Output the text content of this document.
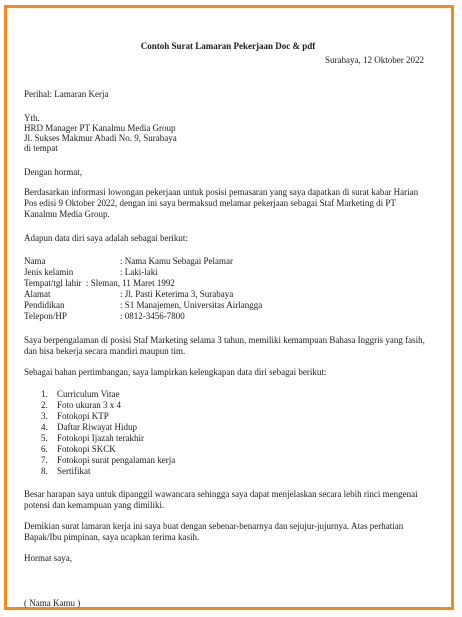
Contoh Surat Lamaran Pekerjaan Doc & pdf
Surabaya, 12 Oktober 2022
Perihal: Lamaran Kerja
Yth.
HRD Manager PT Kanalmu Media Group
Jl. Sukses Makmur Abadi No. 9, Surabaya
di tempat
Dengan hormat,
Berdasarkan informasi lowongan pekerjaan untuk posisi pemasaran yang saya dapatkan di surat kabar Harian
Pos edisi 9 Oktober 2022, dengan ini saya bermaksud melamar pekerjaan sebagai Staf Marketing di PT
Kanalmu Media Group.
Adapun data diri saya adalah sebagai berikut:
Nama	: Nama Kamu Sebagai Pelamar
Jenis kelamin	: Laki-laki
Tempat/tgl lahir : Sleman, 11 Maret 1992
Alamat	: Jl. Pasti Keterima 3, Surabaya
Pendidikan	: S1 Manajemen, Universitas Airlangga
Telepon/HP	: 0812-3456-7800
Saya berpengalaman di posisi Staf Marketing selama 3 tahun, memiliki kemampuan Bahasa Inggris yang fasih,
dan bisa bekerja secara mandiri maupun tim.
Sebagai bahan pertimbangan, saya lampirkan kelengkapan data diri sebagai berikut:
1. Curriculum Vitae
2. Foto ukuran 3 x 4
3. Fotokopi KTP
4. Daftar Riwayat Hidup
5. Fotokopi Ijazah terakhir
6. Fotokopi SKCK
7. Fotokopi surat pengalaman kerja
8. Sertifikat
Besar harapan saya untuk dipanggil wawancara sehingga saya dapat menjelaskan secara lebih rinci mengenai
potensi dan kemampuan yang dimiliki.
Demikian surat lamaran kerja ini saya buat dengan sebenar-benarnya dan sejujur-jujurnya. Atas perhatian
Bapak/Ibu pimpinan, saya ucapkan terima kasih.
Hormat saya,
( Nama Kamu )
